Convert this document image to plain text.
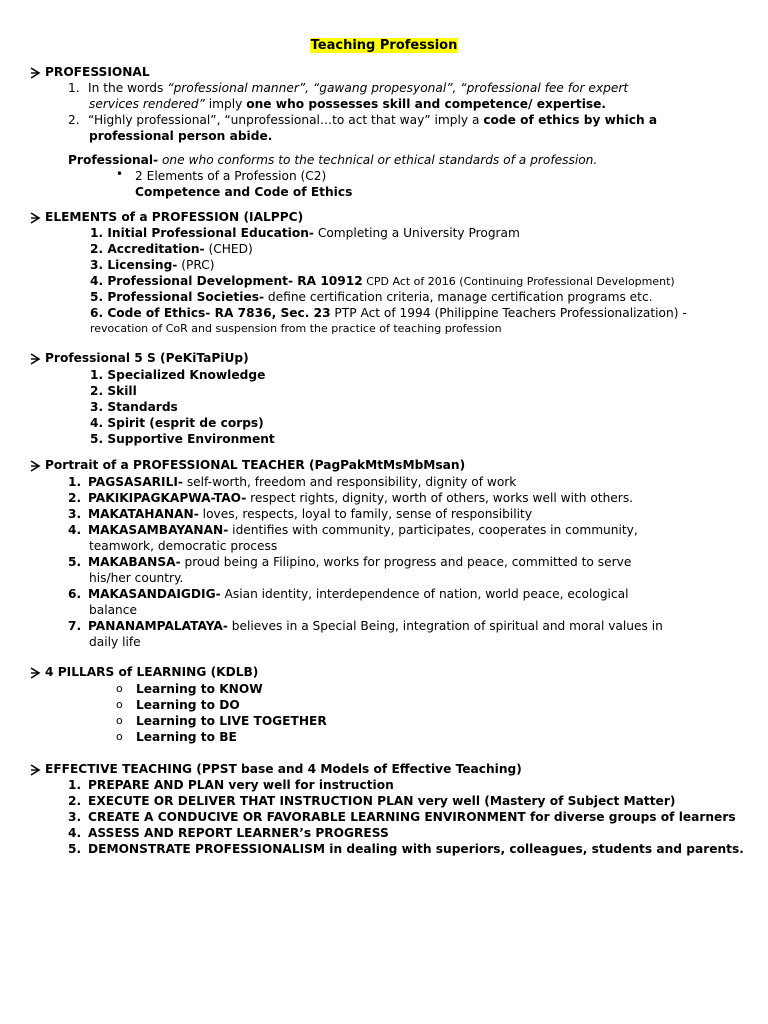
Teaching Profession
PROFESSIONAL
1. In the words “professional manner”, “gawang propesyonal”, “professional fee for expert
services rendered” imply one who possesses skill and competence/ expertise.
2. “Highly professional”, “unprofessional…to act that way” imply a code of ethics by which a
professional person abide.
Professional- one who conforms to the technical or ethical standards of a profession.
• 2 Elements of a Profession (C2)
Competence and Code of Ethics
ELEMENTS of a PROFESSION (IALPPC)
1. Initial Professional Education- Completing a University Program
2. Accreditation- (CHED)
3. Licensing- (PRC)
4. Professional Development- RA 10912 CPD Act of 2016 (Continuing Professional Development)
5. Professional Societies- define certification criteria, manage certification programs etc.
6. Code of Ethics- RA 7836, Sec. 23 PTP Act of 1994 (Philippine Teachers Professionalization) -
revocation of CoR and suspension from the practice of teaching profession
Professional 5 S (PeKiTaPiUp)
1. Specialized Knowledge
2. Skill
3. Standards
4. Spirit (esprit de corps)
5. Supportive Environment
Portrait of a PROFESSIONAL TEACHER (PagPakMtMsMbMsan)
1. PAGSASARILI- self-worth, freedom and responsibility, dignity of work
2. PAKIKIPAGKAPWA-TAO- respect rights, dignity, worth of others, works well with others.
3. MAKATAHANAN- loves, respects, loyal to family, sense of responsibility
4. MAKASAMBAYANAN- identifies with community, participates, cooperates in community,
teamwork, democratic process
5. MAKABANSA- proud being a Filipino, works for progress and peace, committed to serve
his/her country.
6. MAKASANDAIGDIG- Asian identity, interdependence of nation, world peace, ecological
balance
7. PANANAMPALATAYA- believes in a Special Being, integration of spiritual and moral values in
daily life
4 PILLARS of LEARNING (KDLB)
o Learning to KNOW
o Learning to DO
o Learning to LIVE TOGETHER
o Learning to BE
EFFECTIVE TEACHING (PPST base and 4 Models of Effective Teaching)
1. PREPARE AND PLAN very well for instruction
2. EXECUTE OR DELIVER THAT INSTRUCTION PLAN very well (Mastery of Subject Matter)
3. CREATE A CONDUCIVE OR FAVORABLE LEARNING ENVIRONMENT for diverse groups of learners
4. ASSESS AND REPORT LEARNER’s PROGRESS
5. DEMONSTRATE PROFESSIONALISM in dealing with superiors, colleagues, students and parents.
